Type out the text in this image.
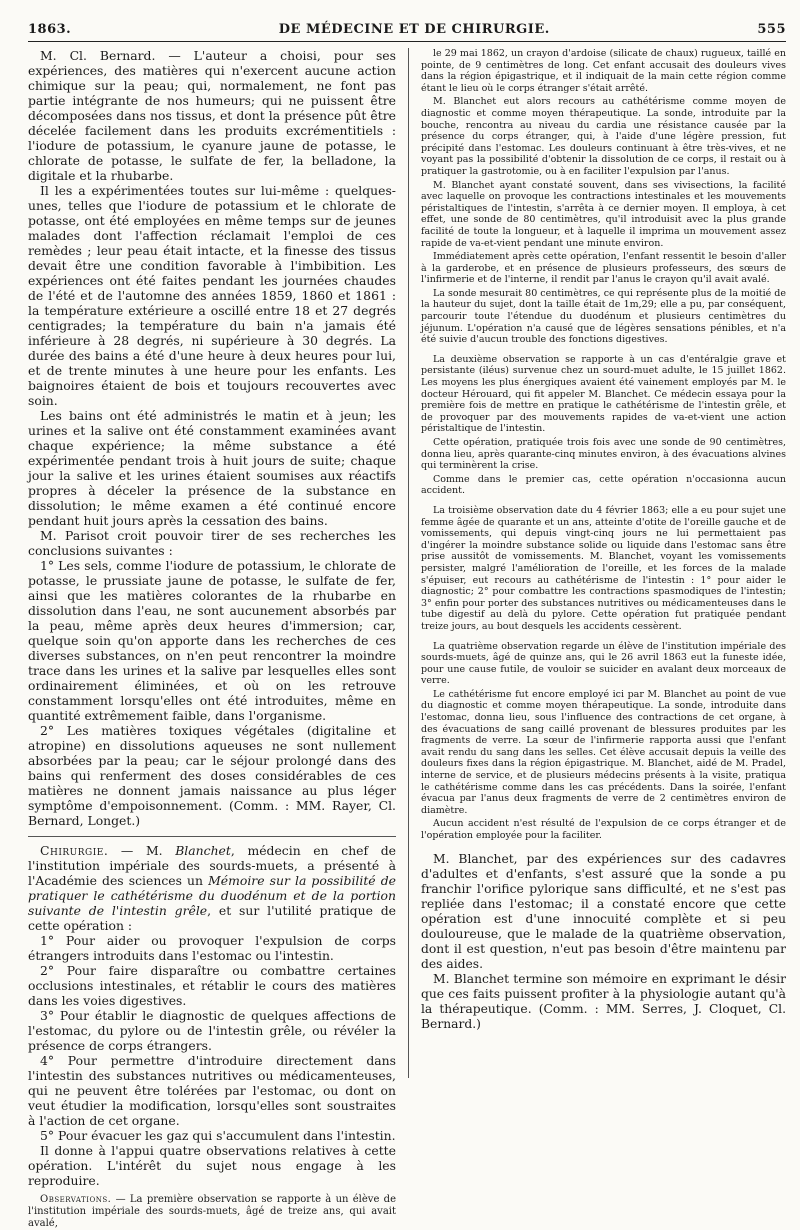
1863.	DE MÉDECINE ET DE CHIRURGIE.	555

M. Cl. Bernard. — L'auteur a choisi, pour ses expériences, des matières qui n'exercent aucune action chimique sur la peau; qui, normalement, ne font pas partie intégrante de nos humeurs; qui ne puissent être décomposées dans nos tissus, et dont la présence pût être décelée facilement dans les produits excrémentitiels : l'iodure de potassium, le cyanure jaune de potasse, le chlorate de potasse, le sulfate de fer, la belladone, la digitale et la rhubarbe.

Il les a expérimentées toutes sur lui-même : quelques-unes, telles que l'iodure de potassium et le chlorate de potasse, ont été employées en même temps sur de jeunes malades dont l'affection réclamait l'emploi de ces remèdes ; leur peau était intacte, et la finesse des tissus devait être une condition favorable à l'imbibition. Les expériences ont été faites pendant les journées chaudes de l'été et de l'automne des années 1859, 1860 et 1861 : la température extérieure a oscillé entre 18 et 27 degrés centigrades; la température du bain n'a jamais été inférieure à 28 degrés, ni supérieure à 30 degrés. La durée des bains a été d'une heure à deux heures pour lui, et de trente minutes à une heure pour les enfants. Les baignoires étaient de bois et toujours recouvertes avec soin.

Les bains ont été administrés le matin et à jeun; les urines et la salive ont été constamment examinées avant chaque expérience; la même substance a été expérimentée pendant trois à huit jours de suite; chaque jour la salive et les urines étaient soumises aux réactifs propres à déceler la présence de la substance en dissolution; le même examen a été continué encore pendant huit jours après la cessation des bains.

M. Parisot croit pouvoir tirer de ses recherches les conclusions suivantes :

1° Les sels, comme l'iodure de potassium, le chlorate de potasse, le prussiate jaune de potasse, le sulfate de fer, ainsi que les matières colorantes de la rhubarbe en dissolution dans l'eau, ne sont aucunement absorbés par la peau, même après deux heures d'immersion; car, quelque soin qu'on apporte dans les recherches de ces diverses substances, on n'en peut rencontrer la moindre trace dans les urines et la salive par lesquelles elles sont ordinairement éliminées, et où on les retrouve constamment lorsqu'elles ont été introduites, même en quantité extrêmement faible, dans l'organisme.

2° Les matières toxiques végétales (digitaline et atropine) en dissolutions aqueuses ne sont nullement absorbées par la peau; car le séjour prolongé dans des bains qui renferment des doses considérables de ces matières ne donnent jamais naissance au plus léger symptôme d'empoisonnement. (Comm. : MM. Rayer, Cl. Bernard, Longet.)

Chirurgie. — M. Blanchet, médecin en chef de l'institution impériale des sourds-muets, a présenté à l'Académie des sciences un Mémoire sur la possibilité de pratiquer le cathétérisme du duodénum et de la portion suivante de l'intestin grêle, et sur l'utilité pratique de cette opération :

1° Pour aider ou provoquer l'expulsion de corps étrangers introduits dans l'estomac ou l'intestin.

2° Pour faire disparaître ou combattre certaines occlusions intestinales, et rétablir le cours des matières dans les voies digestives.

3° Pour établir le diagnostic de quelques affections de l'estomac, du pylore ou de l'intestin grêle, ou révéler la présence de corps étrangers.

4° Pour permettre d'introduire directement dans l'intestin des substances nutritives ou médicamenteuses, qui ne peuvent être tolérées par l'estomac, ou dont on veut étudier la modification, lorsqu'elles sont soustraites à l'action de cet organe.

5° Pour évacuer les gaz qui s'accumulent dans l'intestin.

Il donne à l'appui quatre observations relatives à cette opération. L'intérêt du sujet nous engage à les reproduire.

Observations. — La première observation se rapporte à un élève de l'institution impériale des sourds-muets, âgé de treize ans, qui avait avalé,

le 29 mai 1862, un crayon d'ardoise (silicate de chaux) rugueux, taillé en pointe, de 9 centimètres de long. Cet enfant accusait des douleurs vives dans la région épigastrique, et il indiquait de la main cette région comme étant le lieu où le corps étranger s'était arrêté.

M. Blanchet eut alors recours au cathétérisme comme moyen de diagnostic et comme moyen thérapeutique. La sonde, introduite par la bouche, rencontra au niveau du cardia une résistance causée par la présence du corps étranger, qui, à l'aide d'une légère pression, fut précipité dans l'estomac. Les douleurs continuant à être très-vives, et ne voyant pas la possibilité d'obtenir la dissolution de ce corps, il restait ou à pratiquer la gastrotomie, ou à en faciliter l'expulsion par l'anus.

M. Blanchet ayant constaté souvent, dans ses vivisections, la facilité avec laquelle on provoque les contractions intestinales et les mouvements péristaltiques de l'intestin, s'arrêta à ce dernier moyen. Il employa, à cet effet, une sonde de 80 centimètres, qu'il introduisit avec la plus grande facilité de toute la longueur, et à laquelle il imprima un mouvement assez rapide de va-et-vient pendant une minute environ.

Immédiatement après cette opération, l'enfant ressentit le besoin d'aller à la garderobe, et en présence de plusieurs professeurs, des sœurs de l'infirmerie et de l'interne, il rendit par l'anus le crayon qu'il avait avalé.

La sonde mesurait 80 centimètres, ce qui représente plus de la moitié de la hauteur du sujet, dont la taille était de 1m,29; elle a pu, par conséquent, parcourir toute l'étendue du duodénum et plusieurs centimètres du jéjunum. L'opération n'a causé que de légères sensations pénibles, et n'a été suivie d'aucun trouble des fonctions digestives.

La deuxième observation se rapporte à un cas d'entéralgie grave et persistante (iléus) survenue chez un sourd-muet adulte, le 15 juillet 1862. Les moyens les plus énergiques avaient été vainement employés par M. le docteur Hérouard, qui fit appeler M. Blanchet. Ce médecin essaya pour la première fois de mettre en pratique le cathétérisme de l'intestin grêle, et de provoquer par des mouvements rapides de va-et-vient une action péristaltique de l'intestin.

Cette opération, pratiquée trois fois avec une sonde de 90 centimètres, donna lieu, après quarante-cinq minutes environ, à des évacuations alvines qui terminèrent la crise.

Comme dans le premier cas, cette opération n'occasionna aucun accident.

La troisième observation date du 4 février 1863; elle a eu pour sujet une femme âgée de quarante et un ans, atteinte d'otite de l'oreille gauche et de vomissements, qui depuis vingt-cinq jours ne lui permettaient pas d'ingérer la moindre substance solide ou liquide dans l'estomac sans être prise aussitôt de vomissements. M. Blanchet, voyant les vomissements persister, malgré l'amélioration de l'oreille, et les forces de la malade s'épuiser, eut recours au cathétérisme de l'intestin : 1° pour aider le diagnostic; 2° pour combattre les contractions spasmodiques de l'intestin; 3° enfin pour porter des substances nutritives ou médicamenteuses dans le tube digestif au delà du pylore. Cette opération fut pratiquée pendant treize jours, au bout desquels les accidents cessèrent.

La quatrième observation regarde un élève de l'institution impériale des sourds-muets, âgé de quinze ans, qui le 26 avril 1863 eut la funeste idée, pour une cause futile, de vouloir se suicider en avalant deux morceaux de verre.

Le cathétérisme fut encore employé ici par M. Blanchet au point de vue du diagnostic et comme moyen thérapeutique. La sonde, introduite dans l'estomac, donna lieu, sous l'influence des contractions de cet organe, à des évacuations de sang caillé provenant de blessures produites par les fragments de verre. La sœur de l'infirmerie rapporta aussi que l'enfant avait rendu du sang dans les selles. Cet élève accusait depuis la veille des douleurs fixes dans la région épigastrique. M. Blanchet, aidé de M. Pradel, interne de service, et de plusieurs médecins présents à la visite, pratiqua le cathétérisme comme dans les cas précédents. Dans la soirée, l'enfant évacua par l'anus deux fragments de verre de 2 centimètres environ de diamètre.

Aucun accident n'est résulté de l'expulsion de ce corps étranger et de l'opération employée pour la faciliter.

M. Blanchet, par des expériences sur des cadavres d'adultes et d'enfants, s'est assuré que la sonde a pu franchir l'orifice pylorique sans difficulté, et ne s'est pas repliée dans l'estomac; il a constaté encore que cette opération est d'une innocuité complète et si peu douloureuse, que le malade de la quatrième observation, dont il est question, n'eut pas besoin d'être maintenu par des aides.

M. Blanchet termine son mémoire en exprimant le désir que ces faits puissent profiter à la physiologie autant qu'à la thérapeutique. (Comm. : MM. Serres, J. Cloquet, Cl. Bernard.)
